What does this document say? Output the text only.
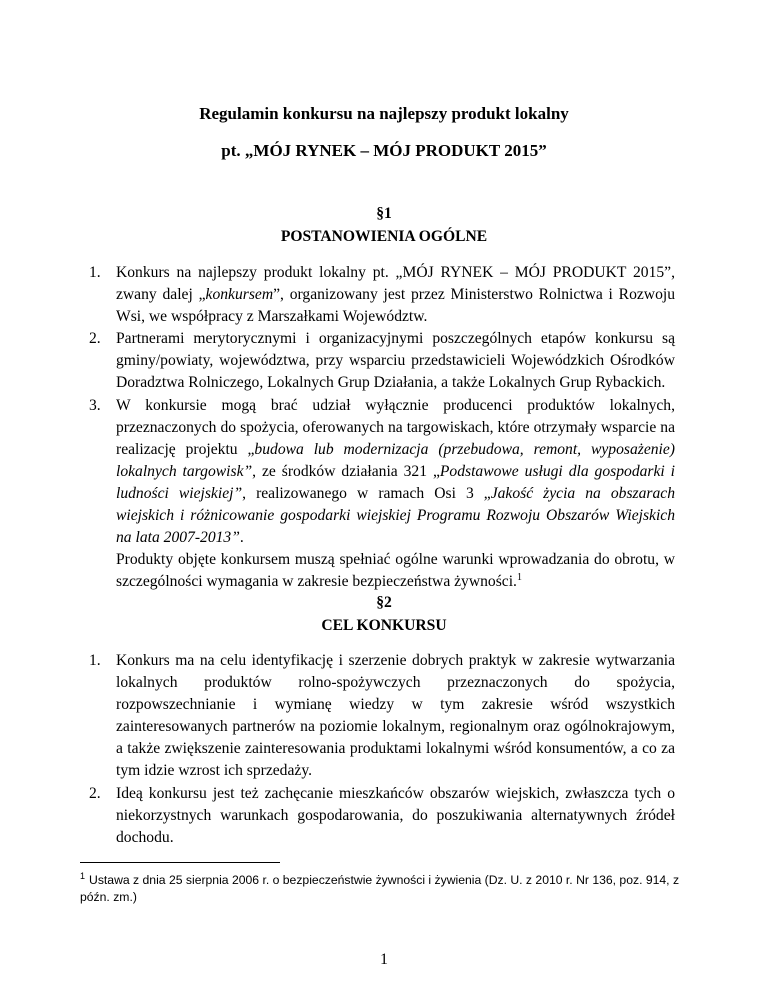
Regulamin konkursu na najlepszy produkt lokalny
pt. „MÓJ RYNEK – MÓJ PRODUKT 2015”
§1
POSTANOWIENIA OGÓLNE
1. Konkurs na najlepszy produkt lokalny pt. „MÓJ RYNEK – MÓJ PRODUKT 2015”, zwany dalej „konkursem”, organizowany jest przez Ministerstwo Rolnictwa i Rozwoju Wsi, we współpracy z Marszałkami Województw.
2. Partnerami merytorycznymi i organizacyjnymi poszczególnych etapów konkursu są gminy/powiaty, województwa, przy wsparciu przedstawicieli Wojewódzkich Ośrodków Doradztwa Rolniczego, Lokalnych Grup Działania, a także Lokalnych Grup Rybackich.
3. W konkursie mogą brać udział wyłącznie producenci produktów lokalnych, przeznaczonych do spożycia, oferowanych na targowiskach, które otrzymały wsparcie na realizację projektu „budowa lub modernizacja (przebudowa, remont, wyposażenie) lokalnych targowisk”, ze środków działania 321 „Podstawowe usługi dla gospodarki i ludności wiejskiej”, realizowanego w ramach Osi 3 „Jakość życia na obszarach wiejskich i różnicowanie gospodarki wiejskiej Programu Rozwoju Obszarów Wiejskich na lata 2007-2013”.
Produkty objęte konkursem muszą spełniać ogólne warunki wprowadzania do obrotu, w szczególności wymagania w zakresie bezpieczeństwa żywności.$^1$
§2
CEL KONKURSU
1. Konkurs ma na celu identyfikację i szerzenie dobrych praktyk w zakresie wytwarzania lokalnych produktów rolno-spożywczych przeznaczonych do spożycia, rozpowszechnianie i wymianę wiedzy w tym zakresie wśród wszystkich zainteresowanych partnerów na poziomie lokalnym, regionalnym oraz ogólnokrajowym, a także zwiększenie zainteresowania produktami lokalnymi wśród konsumentów, a co za tym idzie wzrost ich sprzedaży.
2. Ideą konkursu jest też zachęcanie mieszkańców obszarów wiejskich, zwłaszcza tych o niekorzystnych warunkach gospodarowania, do poszukiwania alternatywnych źródeł dochodu.
$^1$ Ustawa z dnia 25 sierpnia 2006 r. o bezpieczeństwie żywności i żywienia (Dz. U. z 2010 r. Nr 136, poz. 914, z późn. zm.)
1
